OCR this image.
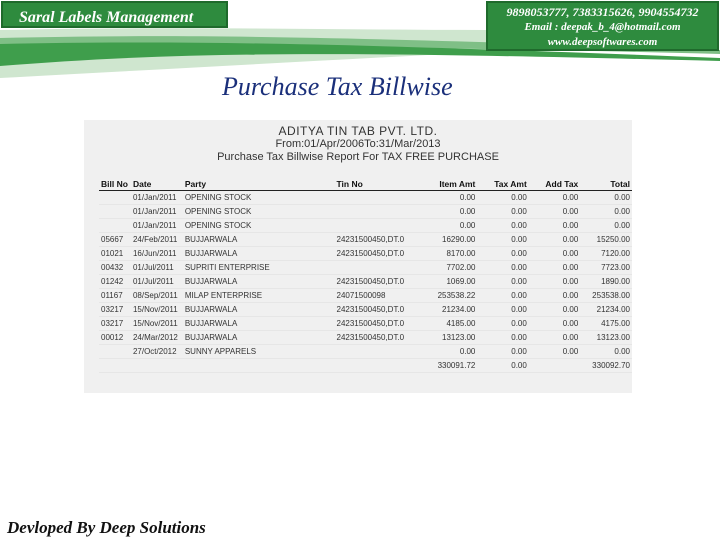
Saral Labels Management	9898053777, 7383315626, 9904554732
Email : deepak_b_4@hotmail.com
www.deepsoftwares.com
Purchase Tax Billwise
ADITYA TIN TAB PVT. LTD.
From:01/Apr/2006To:31/Mar/2013
Purchase Tax Billwise Report For TAX FREE PURCHASE
Bill No	Date	Party	Tin No	Item Amt	Tax Amt	Add Tax	Total
	01/Jan/2011	OPENING STOCK		0.00	0.00	0.00	0.00
	01/Jan/2011	OPENING STOCK		0.00	0.00	0.00	0.00
	01/Jan/2011	OPENING STOCK		0.00	0.00	0.00	0.00
05667	24/Feb/2011	BUJJARWALA	24231500450,DT.0	16290.00	0.00	0.00	15250.00
01021	16/Jun/2011	BUJJARWALA	24231500450,DT.0	8170.00	0.00	0.00	7120.00
00432	01/Jul/2011	SUPRITI ENTERPRISE		7702.00	0.00	0.00	7723.00
01242	01/Jul/2011	BUJJARWALA	24231500450,DT.0	1069.00	0.00	0.00	1890.00
01167	08/Sep/2011	MILAP ENTERPRISE	24071500098	253538.22	0.00	0.00	253538.00
03217	15/Nov/2011	BUJJARWALA	24231500450,DT.0	21234.00	0.00	0.00	21234.00
03217	15/Nov/2011	BUJJARWALA	24231500450,DT.0	4185.00	0.00	0.00	4175.00
00012	24/Mar/2012	BUJJARWALA	24231500450,DT.0	13123.00	0.00	0.00	13123.00
	27/Oct/2012	SUNNY APPARELS		0.00	0.00	0.00	0.00
				330091.72	0.00		330092.70
Devloped By Deep Solutions
